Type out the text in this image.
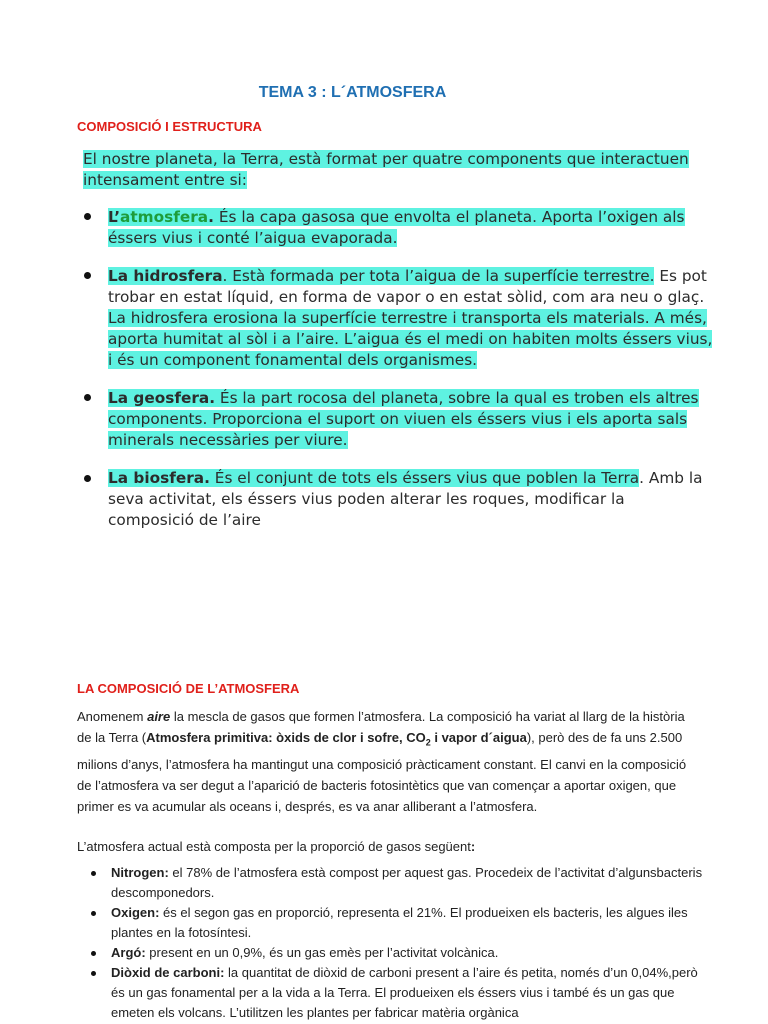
TEMA 3 : L´ATMOSFERA
COMPOSICIÓ I ESTRUCTURA
El nostre planeta, la Terra, està format per quatre components que interactuen intensament entre si:
L’atmosfera. És la capa gasosa que envolta el planeta. Aporta l’oxigen als éssers vius i conté l’aigua evaporada.
La hidrosfera. Està formada per tota l’aigua de la superfície terrestre. Es pot trobar en estat líquid, en forma de vapor o en estat sòlid, com ara neu o glaç. La hidrosfera erosiona la superfície terrestre i transporta els materials. A més, aporta humitat al sòl i a l’aire. L’aigua és el medi on habiten molts éssers vius, i és un component fonamental dels organismes.
La geosfera. És la part rocosa del planeta, sobre la qual es troben els altres components. Proporciona el suport on viuen els éssers vius i els aporta sals minerals necessàries per viure.
La biosfera. És el conjunt de tots els éssers vius que poblen la Terra. Amb la seva activitat, els éssers vius poden alterar les roques, modificar la composició de l’aire
LA COMPOSICIÓ DE L’ATMOSFERA
Anomenem aire la mescla de gasos que formen l’atmosfera. La composició ha variat al llarg de la història de la Terra (Atmosfera primitiva: òxids de clor i sofre, $CO_2$ i vapor d´aigua), però des de fa uns 2.500 milions d’anys, l’atmosfera ha mantingut una composició pràcticament constant. El canvi en la composició de l’atmosfera va ser degut a l’aparició de bacteris fotosintètics que van començar a aportar oxigen, que primer es va acumular als oceans i, després, es va anar alliberant a l’atmosfera.
L’atmosfera actual està composta per la proporció de gasos següent:
Nitrogen: el 78% de l’atmosfera està compost per aquest gas. Procedeix de l’activitat d’algunsbacteris descomponedors.
Oxigen: és el segon gas en proporció, representa el 21%. El produeixen els bacteris, les algues iles plantes en la fotosíntesi.
Argó: present en un 0,9%, és un gas emès per l’activitat volcànica.
Diòxid de carboni: la quantitat de diòxid de carboni present a l’aire és petita, només d’un 0,04%,però és un gas fonamental per a la vida a la Terra. El produeixen els éssers vius i també és un gas que emeten els volcans. L’utilitzen les plantes per fabricar matèria orgànica
